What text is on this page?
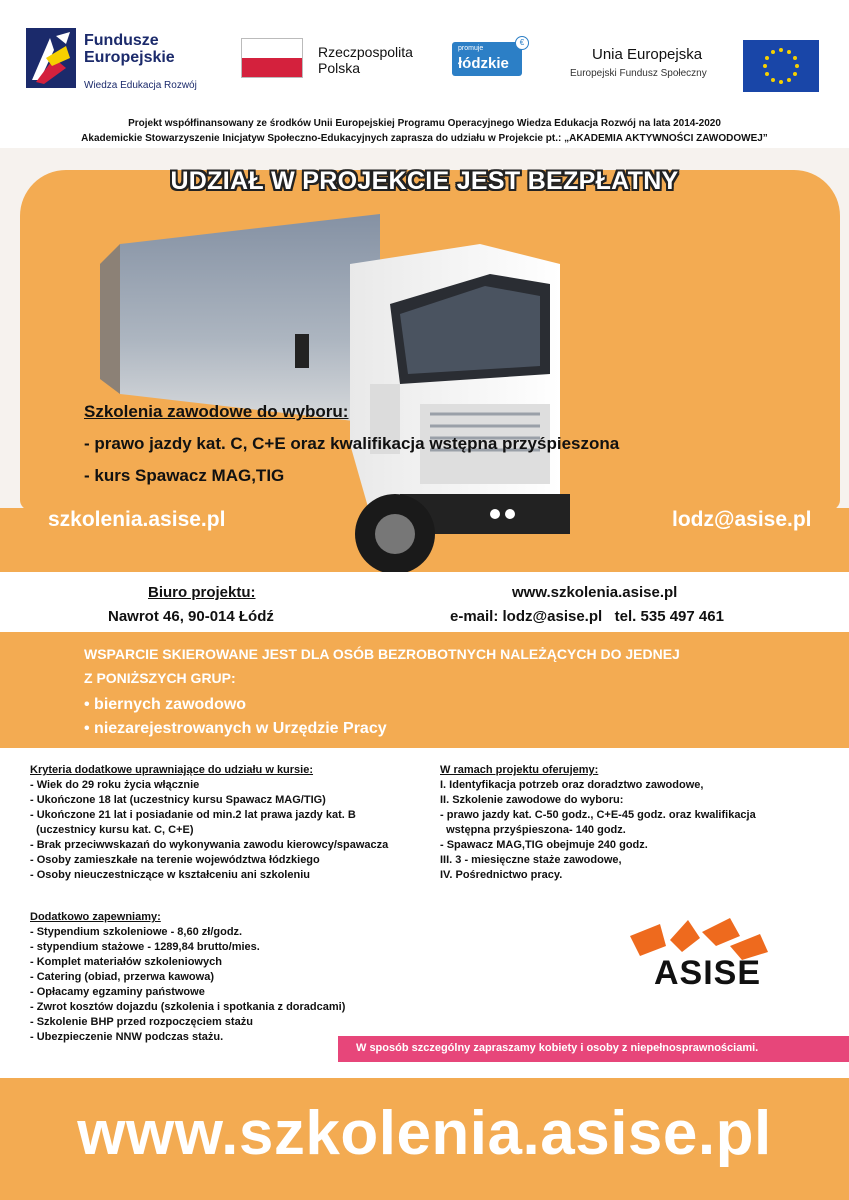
Fundusze Europejskie
Wiedza Edukacja Rozwój
Rzeczpospolita Polska
promuje
łódzkie
€
Unia Europejska
Europejski Fundusz Społeczny
Projekt współfinansowany ze środków Unii Europejskiej Programu Operacyjnego Wiedza Edukacja Rozwój na lata 2014-2020
Akademickie Stowarzyszenie Inicjatyw Społeczno-Edukacyjnych zaprasza do udziału w Projekcie pt.: „AKADEMIA AKTYWNOŚCI ZAWODOWEJ”
UDZIAŁ W PROJEKCIE JEST BEZPŁATNY
Szkolenia zawodowe do wyboru:
- prawo jazdy kat. C, C+E oraz kwalifikacja wstępna przyśpieszona
- kurs Spawacz MAG,TIG
szkolenia.asise.pl	lodz@asise.pl
Biuro projektu:
Nawrot 46, 90-014 Łódź
www.szkolenia.asise.pl
e-mail: lodz@asise.pl   tel. 535 497 461
WSPARCIE SKIEROWANE JEST DLA OSÓB BEZROBOTNYCH NALEŻĄCYCH DO JEDNEJ
Z PONIŻSZYCH GRUP:
• biernych zawodowo
• niezarejestrowanych w Urzędzie Pracy
Kryteria dodatkowe uprawniające do udziału w kursie:
- Wiek do 29 roku życia włącznie
- Ukończone 18 lat (uczestnicy kursu Spawacz MAG/TIG)
- Ukończone 21 lat i posiadanie od min.2 lat prawa jazdy kat. B
(uczestnicy kursu kat. C, C+E)
- Brak przeciwwskazań do wykonywania zawodu kierowcy/spawacza
- Osoby zamieszkałe na terenie województwa łódzkiego
- Osoby nieuczestniczące w kształceniu ani szkoleniu
W ramach projektu oferujemy:
I. Identyfikacja potrzeb oraz doradztwo zawodowe,
II. Szkolenie zawodowe do wyboru:
- prawo jazdy kat. C-50 godz., C+E-45 godz. oraz kwalifikacja
wstępna przyśpieszona- 140 godz.
- Spawacz MAG,TIG obejmuje 240 godz.
III. 3 - miesięczne staże zawodowe,
IV. Pośrednictwo pracy.
Dodatkowo zapewniamy:
- Stypendium szkoleniowe - 8,60 zł/godz.
- stypendium stażowe - 1289,84 brutto/mies.
- Komplet materiałów szkoleniowych
- Catering (obiad, przerwa kawowa)
- Opłacamy egzaminy państwowe
- Zwrot kosztów dojazdu (szkolenia i spotkania z doradcami)
- Szkolenie BHP przed rozpoczęciem stażu
- Ubezpieczenie NNW podczas stażu.
ASISE
W sposób szczególny zapraszamy kobiety i osoby z niepełnosprawnościami.
www.szkolenia.asise.pl
